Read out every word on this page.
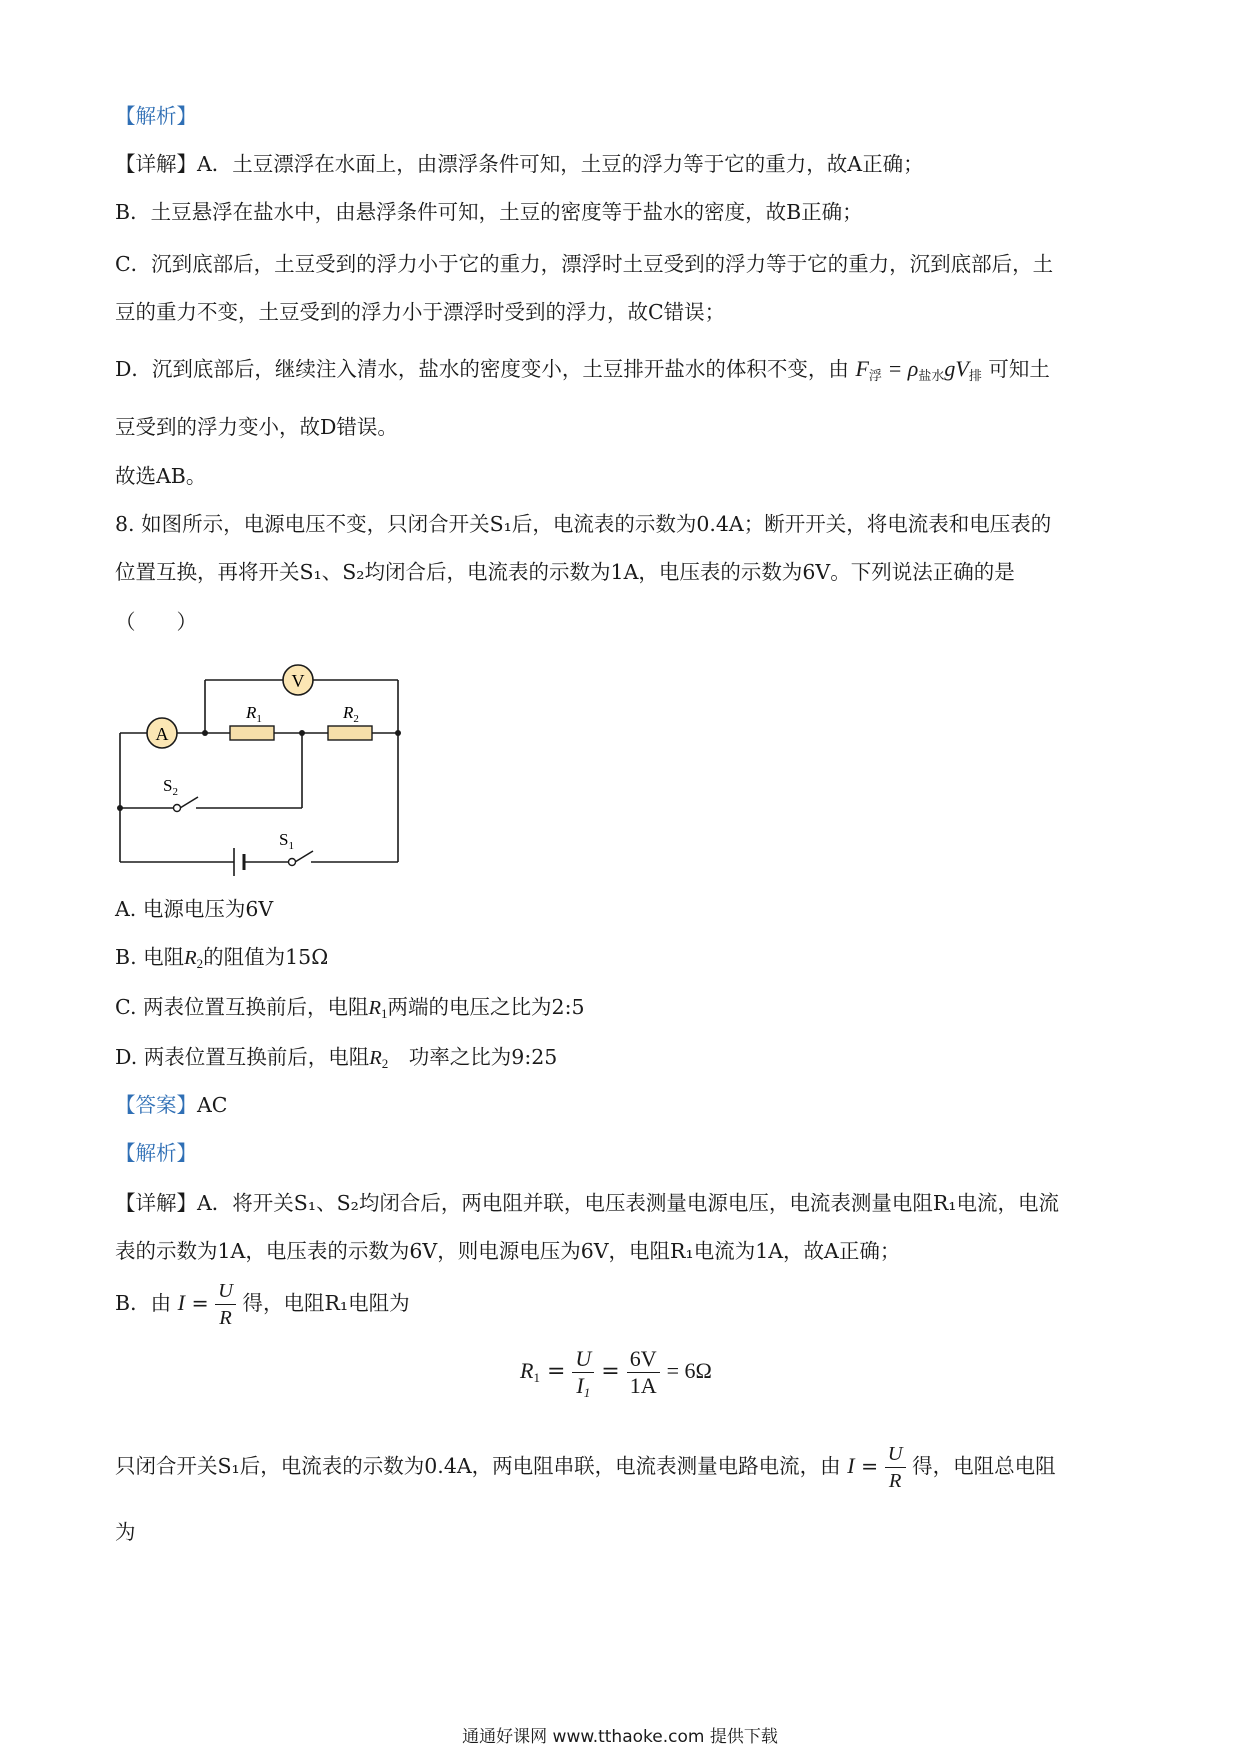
【解析】
【详解】A．土豆漂浮在水面上，由漂浮条件可知，土豆的浮力等于它的重力，故A正确；
B．土豆悬浮在盐水中，由悬浮条件可知，土豆的密度等于盐水的密度，故B正确；
C．沉到底部后，土豆受到的浮力小于它的重力，漂浮时土豆受到的浮力等于它的重力，沉到底部后，土
豆的重力不变，土豆受到的浮力小于漂浮时受到的浮力，故C错误；
D．沉到底部后，继续注入清水，盐水的密度变小，土豆排开盐水的体积不变，由 $F_浮 = \rho_{盐水}gV_排$ 可知土
豆受到的浮力变小，故D错误。
故选AB。
8. 如图所示，电源电压不变，只闭合开关S₁后，电流表的示数为0.4A；断开开关，将电流表和电压表的
位置互换，再将开关S₁、S₂均闭合后，电流表的示数为1A，电压表的示数为6V。下列说法正确的是
（　　）
A
V
$R_1$	$R_2$
$S_2$
$S_1$
A. 电源电压为6V
B. 电阻$R_2$的阻值为15Ω
C. 两表位置互换前后，电阻$R_1$两端的电压之比为2:5
D. 两表位置互换前后，电阻$R_2$　 功率之比为9:25
【答案】AC
【解析】
【详解】A．将开关S₁、S₂均闭合后，两电阻并联，电压表测量电源电压，电流表测量电阻R₁电流，电流
表的示数为1A，电压表的示数为6V，则电源电压为6V，电阻R₁电流为1A，故A正确；
B．由 $I = \frac{U}{R}$ 得，电阻R₁电阻为
$R_1 = \frac{U}{I_1} = \frac{6V}{1A} = 6\Omega$
只闭合开关S₁后，电流表的示数为0.4A，两电阻串联，电流表测量电路电流，由 $I = \frac{U}{R}$ 得，电阻总电阻
为
通通好课网 www.tthaoke.com 提供下载
